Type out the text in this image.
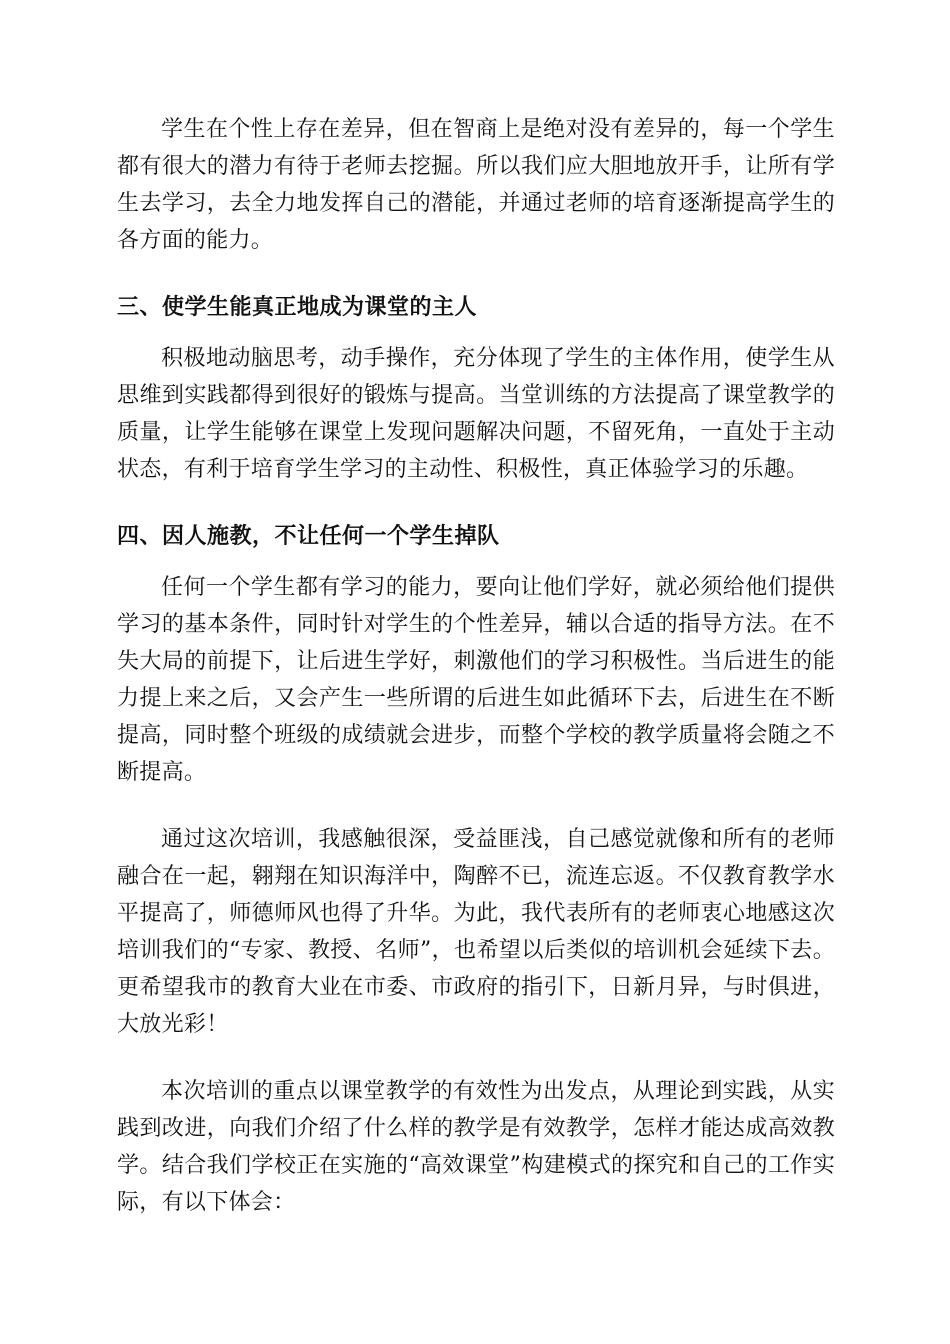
学生在个性上存在差异，但在智商上是绝对没有差异的，每一个学生都有很大的潜力有待于老师去挖掘。所以我们应大胆地放开手，让所有学生去学习，去全力地发挥自己的潜能，并通过老师的培育逐渐提高学生的各方面的能力。

三、使学生能真正地成为课堂的主人

积极地动脑思考，动手操作，充分体现了学生的主体作用，使学生从思维到实践都得到很好的锻炼与提高。当堂训练的方法提高了课堂教学的质量，让学生能够在课堂上发现问题解决问题，不留死角，一直处于主动状态，有利于培育学生学习的主动性、积极性，真正体验学习的乐趣。

四、因人施教，不让任何一个学生掉队

任何一个学生都有学习的能力，要向让他们学好，就必须给他们提供学习的基本条件，同时针对学生的个性差异，辅以合适的指导方法。在不失大局的前提下，让后进生学好，刺激他们的学习积极性。当后进生的能力提上来之后，又会产生一些所谓的后进生如此循环下去，后进生在不断提高，同时整个班级的成绩就会进步，而整个学校的教学质量将会随之不断提高。

通过这次培训，我感触很深，受益匪浅，自己感觉就像和所有的老师融合在一起，翱翔在知识海洋中，陶醉不已，流连忘返。不仅教育教学水平提高了，师德师风也得了升华。为此，我代表所有的老师衷心地感这次培训我们的“专家、教授、名师”，也希望以后类似的培训机会延续下去。更希望我市的教育大业在市委、市政府的指引下，日新月异，与时俱进，大放光彩！

本次培训的重点以课堂教学的有效性为出发点，从理论到实践，从实践到改进，向我们介绍了什么样的教学是有效教学，怎样才能达成高效教学。结合我们学校正在实施的“高效课堂”构建模式的探究和自己的工作实际，有以下体会：
